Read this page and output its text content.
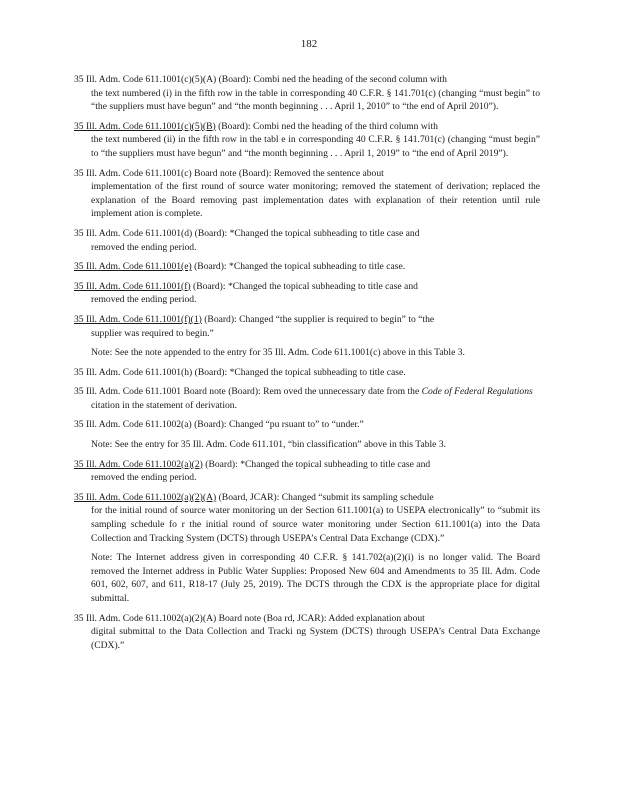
182
35 Ill. Adm. Code 611.1001(c)(5)(A) (Board): Combi ned the heading of the second column with
the text numbered (i) in the fifth row in the table in corresponding 40 C.F.R. § 141.701(c) (changing “must begin” to “the suppliers must have begun” and “the month beginning . . . April 1, 2010” to “the end of April 2010”).
35 Ill. Adm. Code 611.1001(c)(5)(B) (Board): Combi ned the heading of the third column with
the text numbered (ii) in the fifth row in the tabl e in corresponding 40 C.F.R. § 141.701(c) (changing “must begin” to “the suppliers must have begun” and “the month beginning . . . April 1, 2019” to “the end of April 2019”).
35 Ill. Adm. Code 611.1001(c) Board note (Board): Removed the sentence about
implementation of the first round of source water monitoring; removed the statement of derivation; replaced the explanation of the Board removing past implementation dates with explanation of their retention until rule implement ation is complete.
35 Ill. Adm. Code 611.1001(d) (Board): *Changed the topical subheading to title case and
removed the ending period.
35 Ill. Adm. Code 611.1001(e) (Board): *Changed the topical subheading to title case.
35 Ill. Adm. Code 611.1001(f) (Board): *Changed the topical subheading to title case and
removed the ending period.
35 Ill. Adm. Code 611.1001(f)(1) (Board): Changed “the supplier is required to begin” to “the
supplier was required to begin.”
Note: See the note appended to the entry for 35 Ill. Adm. Code 611.1001(c) above in this Table 3.
35 Ill. Adm. Code 611.1001(h) (Board): *Changed the topical subheading to title case.
35 Ill. Adm. Code 611.1001 Board note (Board): Rem oved the unnecessary date from the Code of Federal Regulations
citation in the statement of derivation.
35 Ill. Adm. Code 611.1002(a) (Board): Changed “pu rsuant to” to “under.”
Note: See the entry for 35 Ill. Adm. Code 611.101, “bin classification” above in this Table 3.
35 Ill. Adm. Code 611.1002(a)(2) (Board): *Changed the topical subheading to title case and
removed the ending period.
35 Ill. Adm. Code 611.1002(a)(2)(A) (Board, JCAR): Changed “submit its sampling schedule
for the initial round of source water monitoring un der Section 611.1001(a) to USEPA electronically” to “submit its sampling schedule fo r the initial round of source water monitoring under Section 611.1001(a) into the Data Collection and Tracking System (DCTS) through USEPA’s Central Data Exchange (CDX).”
Note: The Internet address given in corresponding 40 C.F.R. § 141.702(a)(2)(i) is no longer valid. The Board removed the Internet address in Public Water Supplies: Proposed New 604 and Amendments to 35 Ill. Adm. Code 601, 602, 607, and 611, R18-17 (July 25, 2019). The DCTS through the CDX is the appropriate place for digital submittal.
35 Ill. Adm. Code 611.1002(a)(2)(A) Board note (Boa rd, JCAR): Added explanation about
digital submittal to the Data Collection and Tracki ng System (DCTS) through USEPA’s Central Data Exchange (CDX).”
